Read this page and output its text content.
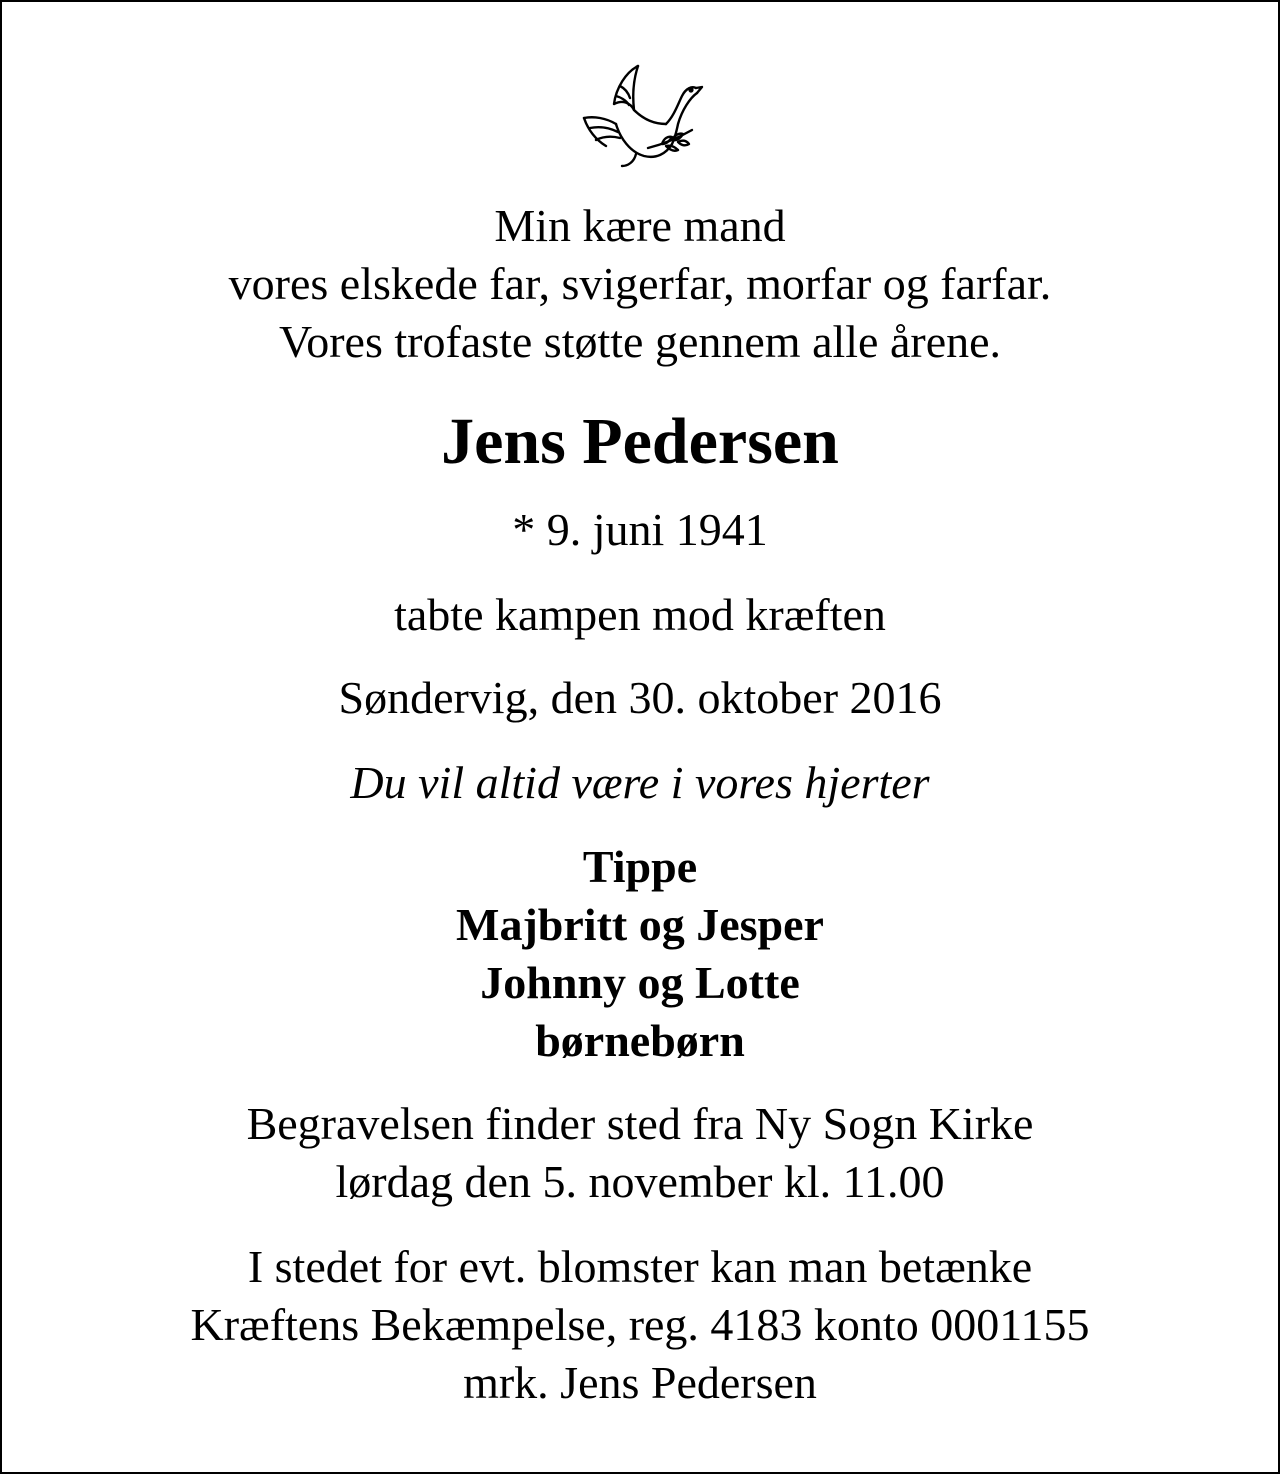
Min kære mand
vores elskede far, svigerfar, morfar og farfar.
Vores trofaste støtte gennem alle årene.
Jens Pedersen
* 9. juni 1941
tabte kampen mod kræften
Søndervig, den 30. oktober 2016
Du vil altid være i vores hjerter
Tippe
Majbritt og Jesper
Johnny og Lotte
børnebørn
Begravelsen finder sted fra Ny Sogn Kirke
lørdag den 5. november kl. 11.00
I stedet for evt. blomster kan man betænke
Kræftens Bekæmpelse, reg. 4183 konto 0001155
mrk. Jens Pedersen
